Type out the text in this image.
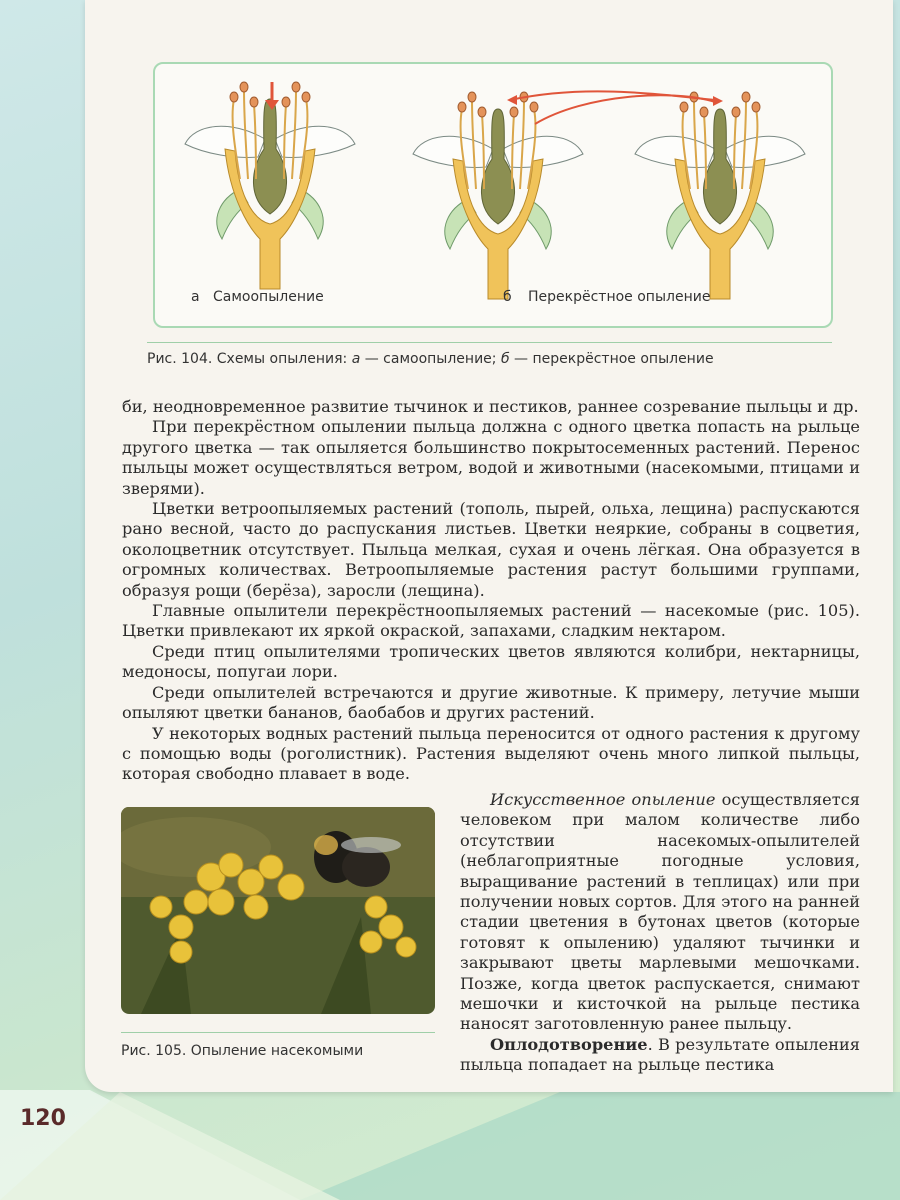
а Самоопыление	б Перекрёстное опыление
Рис. 104. Схемы опыления: а — самоопыление; б — перекрёстное опыление

би, неодновременное развитие тычинок и пестиков, раннее созревание пыльцы и др.

При перекрёстном опылении пыльца должна с одного цветка попасть на рыльце другого цветка — так опыляется большинство покрытосеменных растений. Перенос пыльцы может осуществляться ветром, водой и животными (насекомыми, птицами и зверями).

Цветки ветроопыляемых растений (тополь, пырей, ольха, лещина) распускаются рано весной, часто до распускания листьев. Цветки неяркие, собраны в соцветия, околоцветник отсутствует. Пыльца мелкая, сухая и очень лёгкая. Она образуется в огромных количествах. Ветроопыляемые растения растут большими группами, образуя рощи (берёза), заросли (лещина).

Главные опылители перекрёстноопыляемых растений — насекомые (рис. 105). Цветки привлекают их яркой окраской, запахами, сладким нектаром.

Среди птиц опылителями тропических цветов являются колибри, нектарницы, медоносы, попугаи лори.

Среди опылителей встречаются и другие животные. К примеру, летучие мыши опыляют цветки бананов, баобабов и других растений.

У некоторых водных растений пыльца переносится от одного растения к другому с помощью воды (роголистник). Растения выделяют очень много липкой пыльцы, которая свободно плавает в воде.

Рис. 105. Опыление насекомыми

Искусственное опыление осуществляется человеком при малом количестве либо отсутствии насекомых-опылителей (неблагоприятные погодные условия, выращивание растений в теплицах) или при получении новых сортов. Для этого на ранней стадии цветения в бутонах цветов (которые готовят к опылению) удаляют тычинки и закрывают цветы марлевыми мешочками. Позже, когда цветок распускается, снимают мешочки и кисточкой на рыльце пестика наносят заготовленную ранее пыльцу.

Оплодотворение. В результате опыления пыльца попадает на рыльце пестика

120
